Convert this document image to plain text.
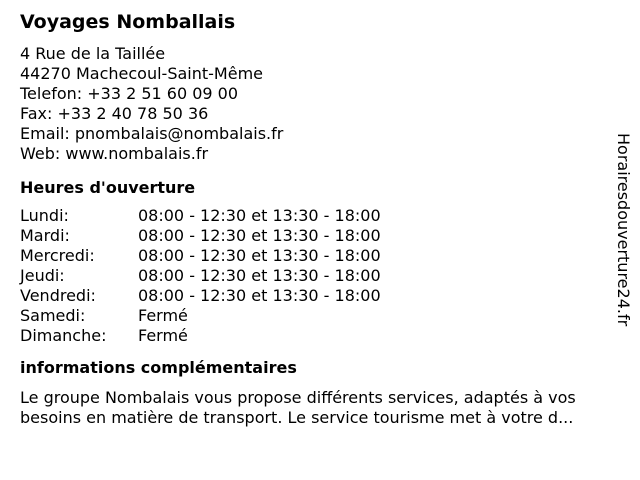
Voyages Nomballais
4 Rue de la Taillée
44270 Machecoul-Saint-Même
Telefon: +33 2 51 60 09 00
Fax: +33 2 40 78 50 36
Email: pnombalais@nombalais.fr
Web: www.nombalais.fr
Heures d'ouverture
Lundi:	08:00 - 12:30 et 13:30 - 18:00
Mardi:	08:00 - 12:30 et 13:30 - 18:00
Mercredi:	08:00 - 12:30 et 13:30 - 18:00
Jeudi:	08:00 - 12:30 et 13:30 - 18:00
Vendredi:	08:00 - 12:30 et 13:30 - 18:00
Samedi:	Fermé
Dimanche:	Fermé
informations complémentaires
Le groupe Nombalais vous propose différents services, adaptés à vos
besoins en matière de transport. Le service tourisme met à votre d...
Horairesdouverture24.fr
